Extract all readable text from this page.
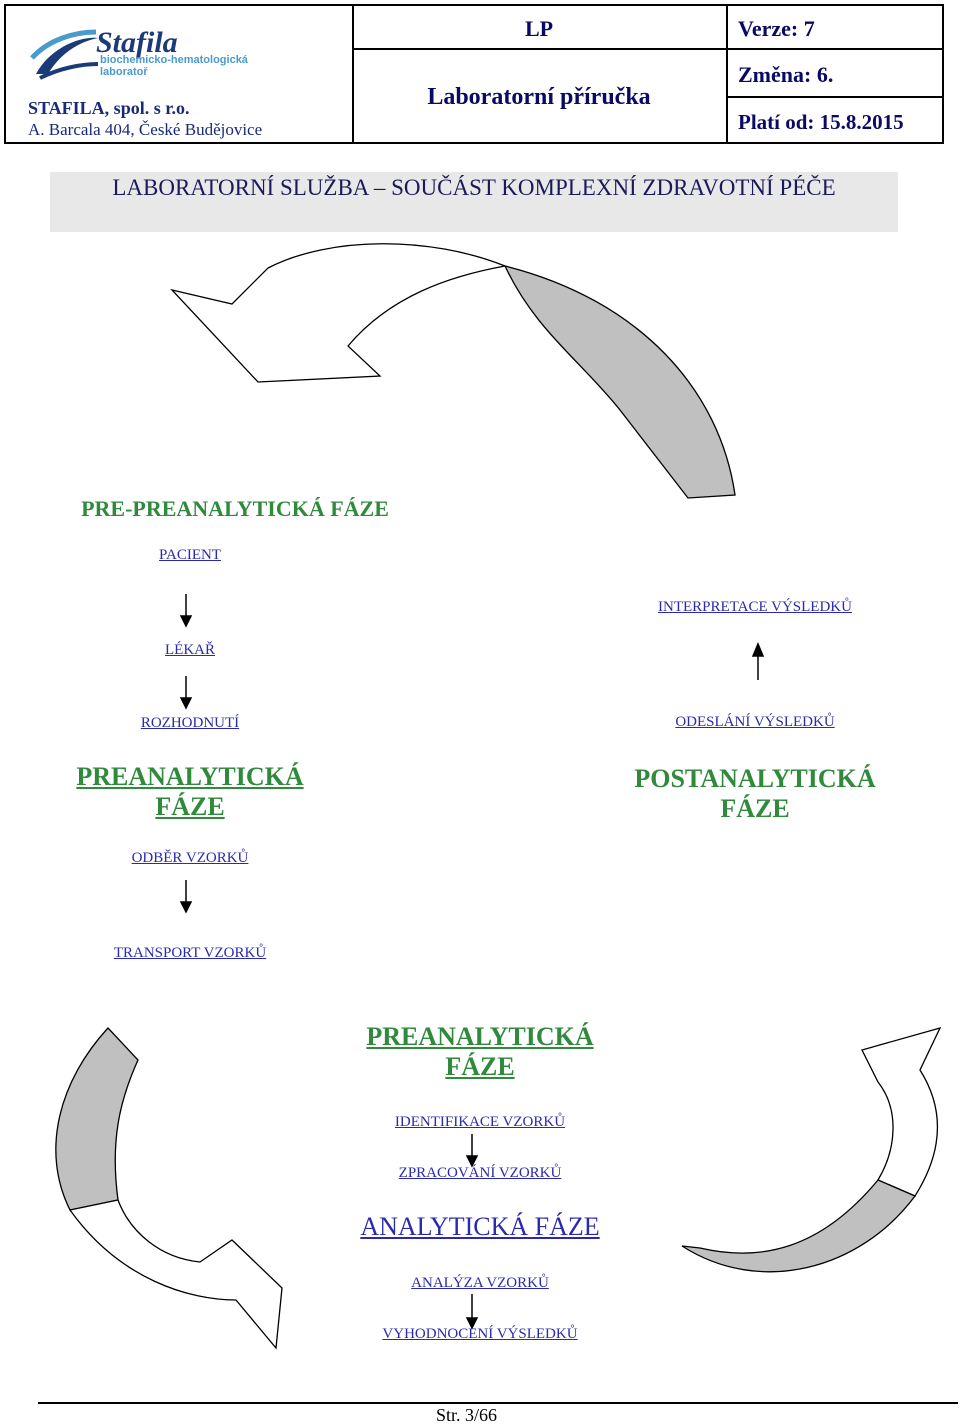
LP
Laboratorní příručka
Verze: 7
Změna: 6.
Platí od: 15.8.2015
Stafila
biochemicko-hematologická
laboratoř
STAFILA, spol. s r.o.
A. Barcala 404, České Budějovice
LABORATORNÍ SLUŽBA – SOUČÁST KOMPLEXNÍ ZDRAVOTNÍ PÉČE
PRE-PREANALYTICKÁ FÁZE
PACIENT
LÉKAŘ
ROZHODNUTÍ
PREANALYTICKÁ
FÁZE
ODBĚR VZORKŮ
TRANSPORT VZORKŮ
INTERPRETACE VÝSLEDKŮ
ODESLÁNÍ VÝSLEDKŮ
POSTANALYTICKÁ
FÁZE
PREANALYTICKÁ
FÁZE
IDENTIFIKACE VZORKŮ
ZPRACOVÁNÍ VZORKŮ
ANALYTICKÁ FÁZE
ANALÝZA VZORKŮ
VYHODNOCENÍ VÝSLEDKŮ
Str. 3/66
